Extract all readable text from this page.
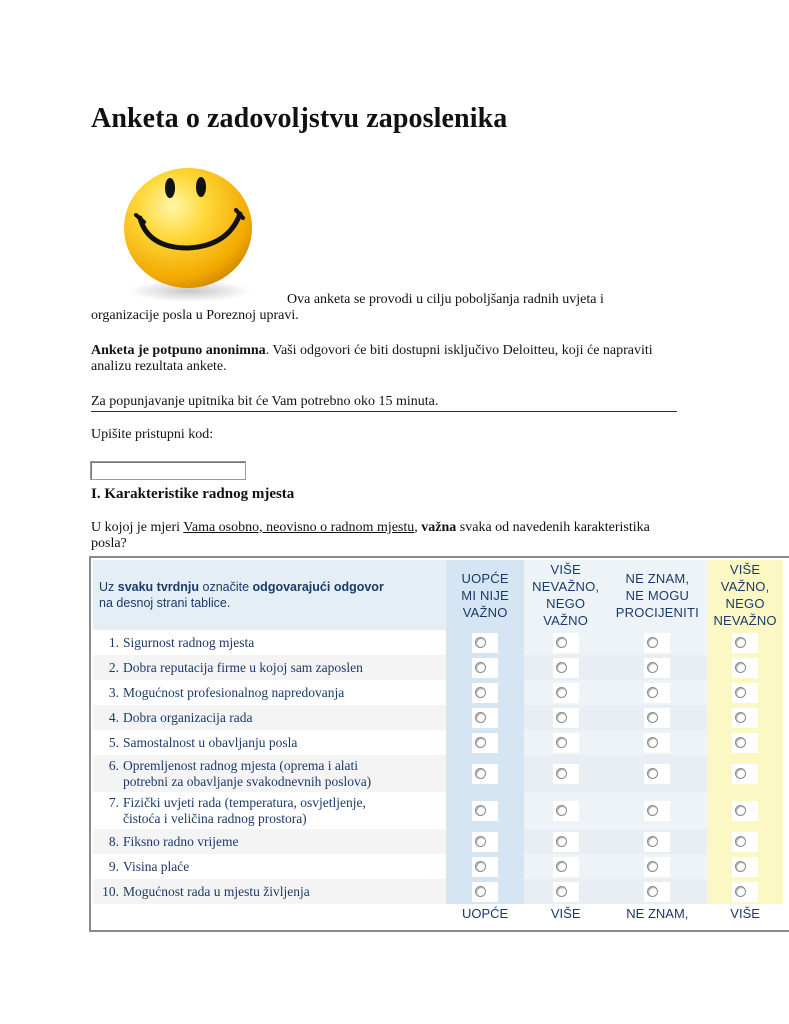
Anketa o zadovoljstvu zaposlenika

Ova anketa se provodi u cilju poboljšanja radnih uvjeta i organizacije posla u Poreznoj upravi.

Anketa je potpuno anonimna. Vaši odgovori će biti dostupni isključivo Deloitteu, koji će napraviti analizu rezultata ankete.

Za popunjavanje upitnika bit će Vam potrebno oko 15 minuta.

Upišite pristupni kod:

I. Karakteristike radnog mjesta

U kojoj je mjeri Vama osobno, neovisno o radnom mjestu, važna svaka od navedenih karakteristika posla?

Uz svaku tvrdnju označite odgovarajući odgovor
na desnoj strani tablice.	UOPĆE
MI NIJE
VAŽNO	VIŠE
NEVAŽNO,
NEGO
VAŽNO	NE ZNAM,
NE MOGU
PROCIJENITI	VIŠE
VAŽNO,
NEGO
NEVAŽNO
1. Sigurnost radnog mjesta	

2. Dobra reputacija firme u kojoj sam zaposlen	

3. Mogućnost profesionalnog napredovanja	

4. Dobra organizacija rada	

5. Samostalnost u obavljanju posla	

6. Opremljenost radnog mjesta (oprema i alati
potrebni za obavljanje svakodnevnih poslova)				

7. Fizički uvjeti rada (temperatura, osvjetljenje,
čistoća i veličina radnog prostora)				

8. Fiksno radno vrijeme	

9. Visina plaće	

10. Mogućnost rada u mjestu življenja	

	UOPĆE	VIŠE	NE ZNAM,	VIŠE
